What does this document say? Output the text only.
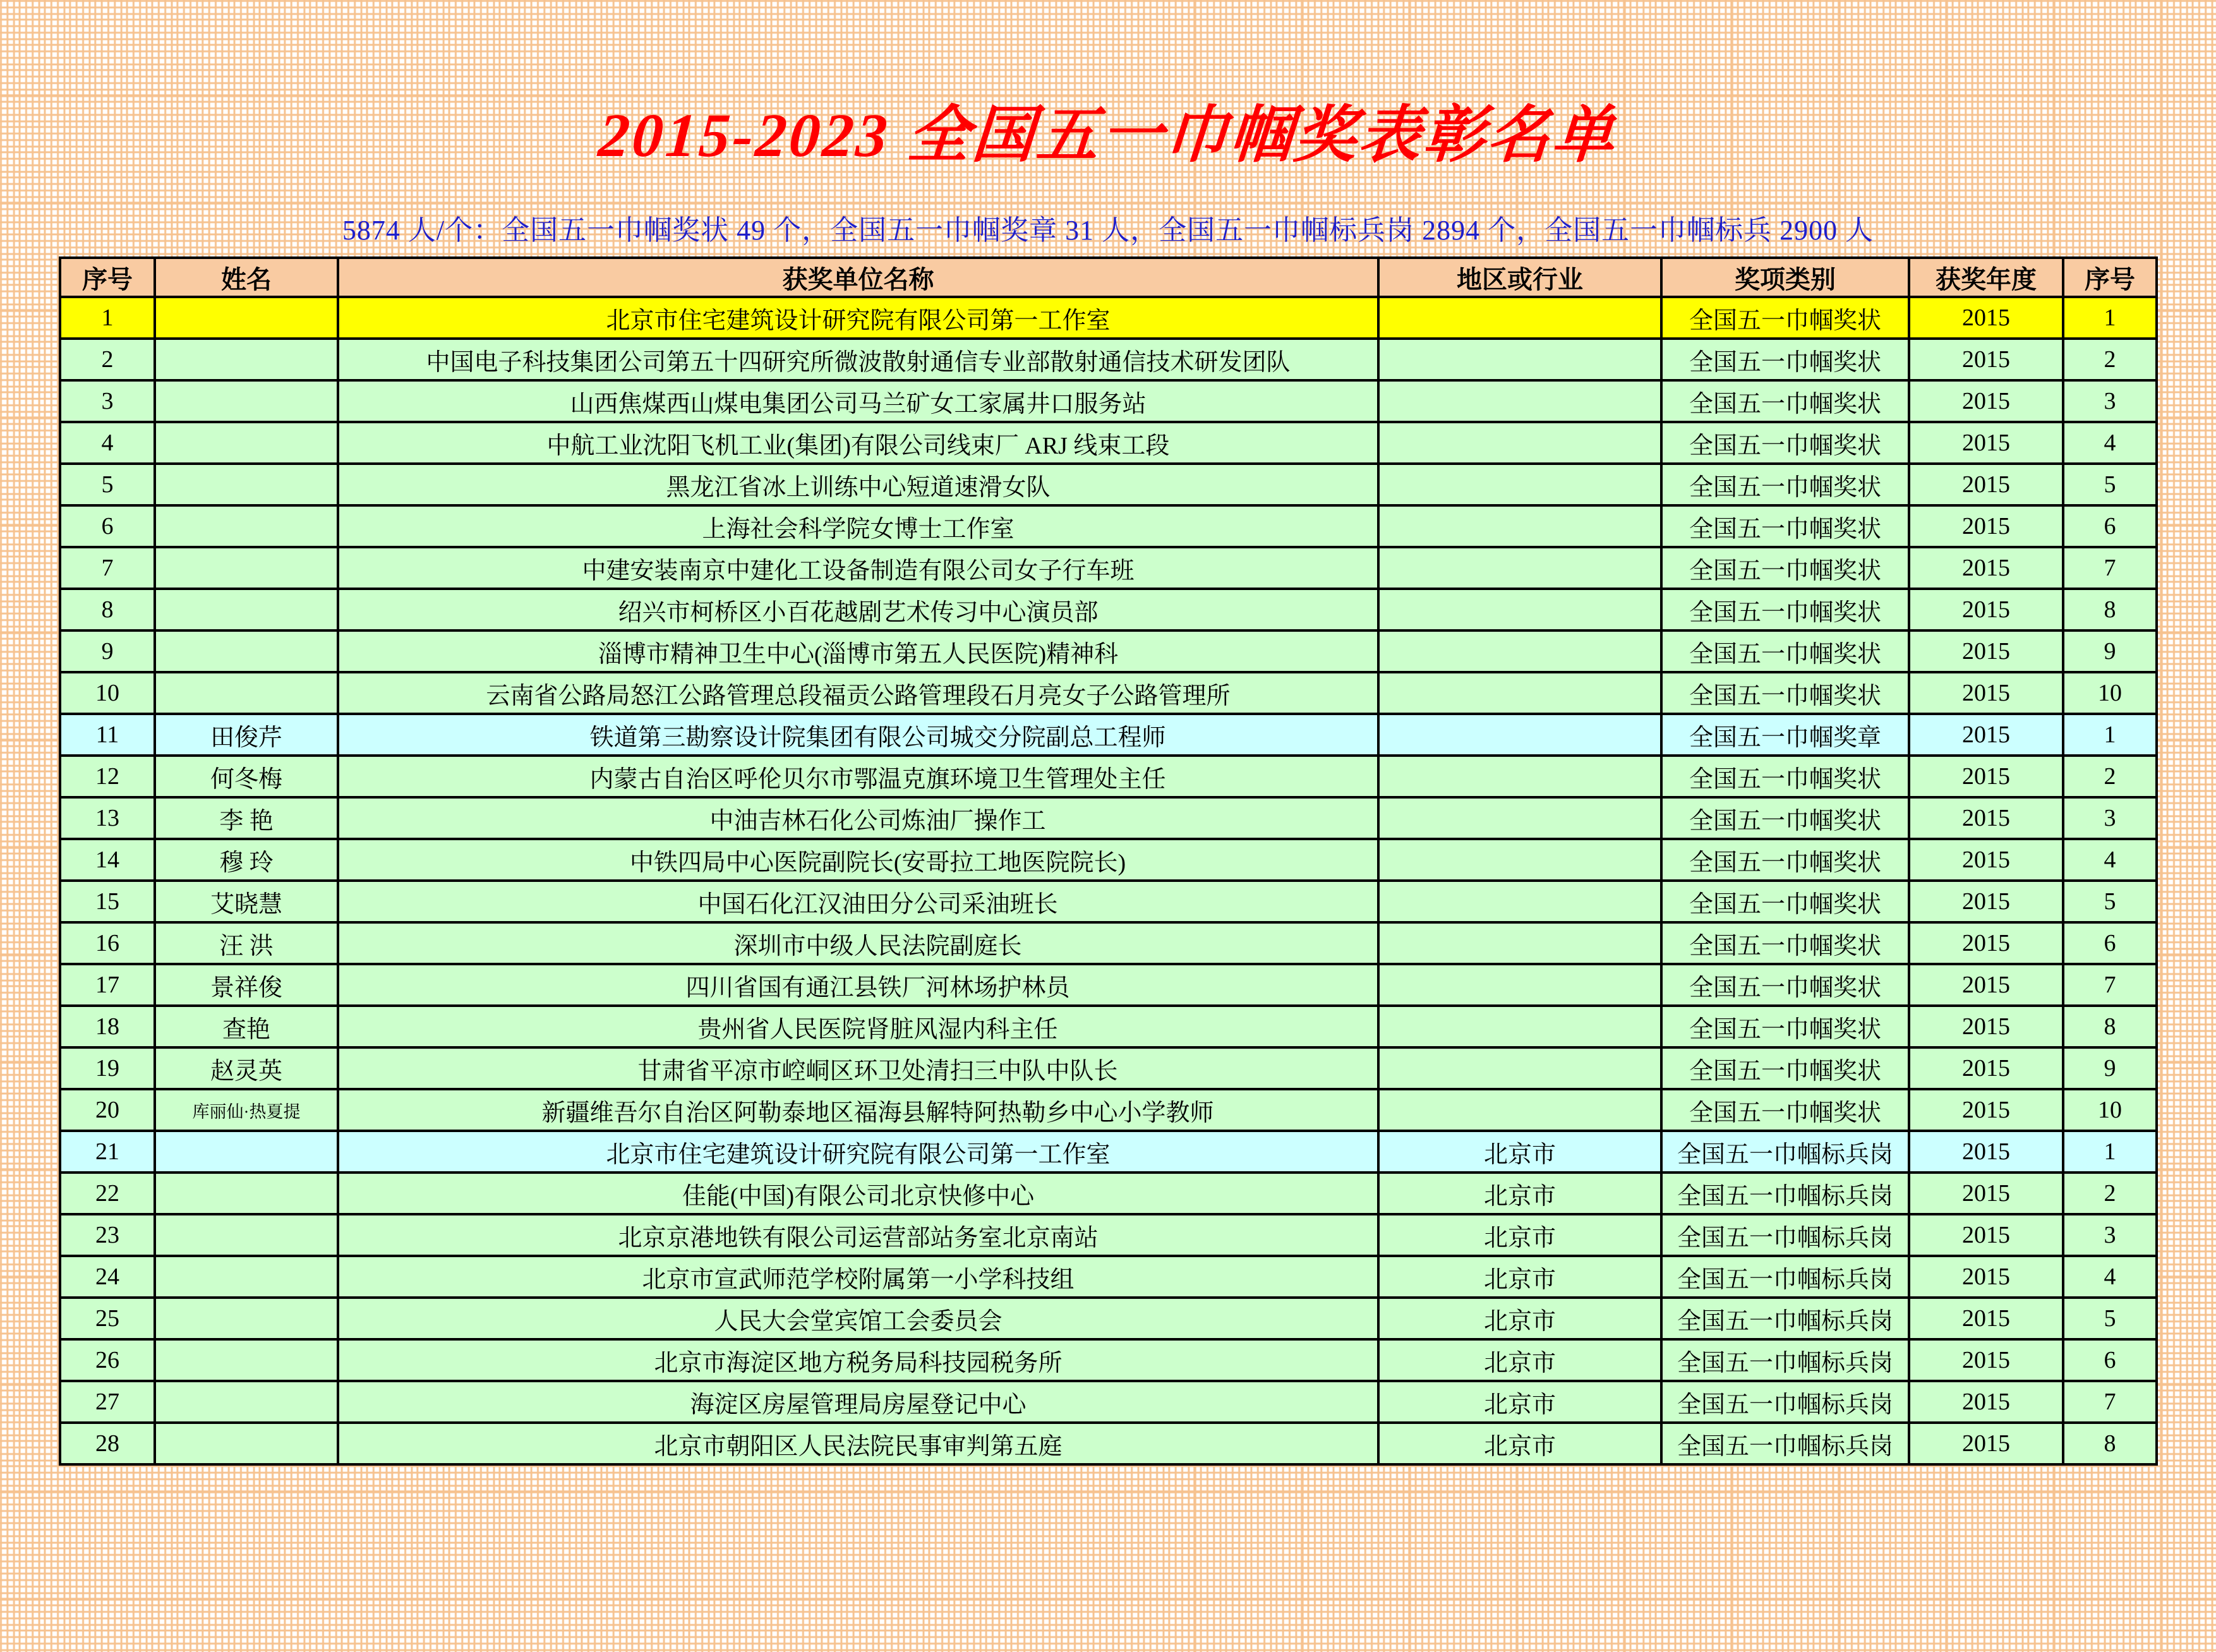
2015-2023 全国五一巾帼奖表彰名单

5874 人/个：全国五一巾帼奖状 49 个，全国五一巾帼奖章 31 人，全国五一巾帼标兵岗 2894 个，全国五一巾帼标兵 2900 人

序号	姓名	获奖单位名称	地区或行业	奖项类别	获奖年度	序号
1		北京市住宅建筑设计研究院有限公司第一工作室		全国五一巾帼奖状	2015	1
2		中国电子科技集团公司第五十四研究所微波散射通信专业部散射通信技术研发团队		全国五一巾帼奖状	2015	2
3		山西焦煤西山煤电集团公司马兰矿女工家属井口服务站		全国五一巾帼奖状	2015	3
4		中航工业沈阳飞机工业(集团)有限公司线束厂 ARJ 线束工段		全国五一巾帼奖状	2015	4
5		黑龙江省冰上训练中心短道速滑女队		全国五一巾帼奖状	2015	5
6		上海社会科学院女博士工作室		全国五一巾帼奖状	2015	6
7		中建安装南京中建化工设备制造有限公司女子行车班		全国五一巾帼奖状	2015	7
8		绍兴市柯桥区小百花越剧艺术传习中心演员部		全国五一巾帼奖状	2015	8
9		淄博市精神卫生中心(淄博市第五人民医院)精神科		全国五一巾帼奖状	2015	9
10		云南省公路局怒江公路管理总段福贡公路管理段石月亮女子公路管理所		全国五一巾帼奖状	2015	10
11	田俊芹	铁道第三勘察设计院集团有限公司城交分院副总工程师		全国五一巾帼奖章	2015	1
12	何冬梅	内蒙古自治区呼伦贝尔市鄂温克旗环境卫生管理处主任		全国五一巾帼奖状	2015	2
13	李 艳	中油吉林石化公司炼油厂操作工		全国五一巾帼奖状	2015	3
14	穆 玲	中铁四局中心医院副院长(安哥拉工地医院院长)		全国五一巾帼奖状	2015	4
15	艾晓慧	中国石化江汉油田分公司采油班长		全国五一巾帼奖状	2015	5
16	汪 洪	深圳市中级人民法院副庭长		全国五一巾帼奖状	2015	6
17	景祥俊	四川省国有通江县铁厂河林场护林员		全国五一巾帼奖状	2015	7
18	查艳	贵州省人民医院肾脏风湿内科主任		全国五一巾帼奖状	2015	8
19	赵灵英	甘肃省平凉市崆峒区环卫处清扫三中队中队长		全国五一巾帼奖状	2015	9
20	库丽仙·热夏提	新疆维吾尔自治区阿勒泰地区福海县解特阿热勒乡中心小学教师		全国五一巾帼奖状	2015	10
21		北京市住宅建筑设计研究院有限公司第一工作室	北京市	全国五一巾帼标兵岗	2015	1
22		佳能(中国)有限公司北京快修中心	北京市	全国五一巾帼标兵岗	2015	2
23		北京京港地铁有限公司运营部站务室北京南站	北京市	全国五一巾帼标兵岗	2015	3
24		北京市宣武师范学校附属第一小学科技组	北京市	全国五一巾帼标兵岗	2015	4
25		人民大会堂宾馆工会委员会	北京市	全国五一巾帼标兵岗	2015	5
26		北京市海淀区地方税务局科技园税务所	北京市	全国五一巾帼标兵岗	2015	6
27		海淀区房屋管理局房屋登记中心	北京市	全国五一巾帼标兵岗	2015	7
28		北京市朝阳区人民法院民事审判第五庭	北京市	全国五一巾帼标兵岗	2015	8
